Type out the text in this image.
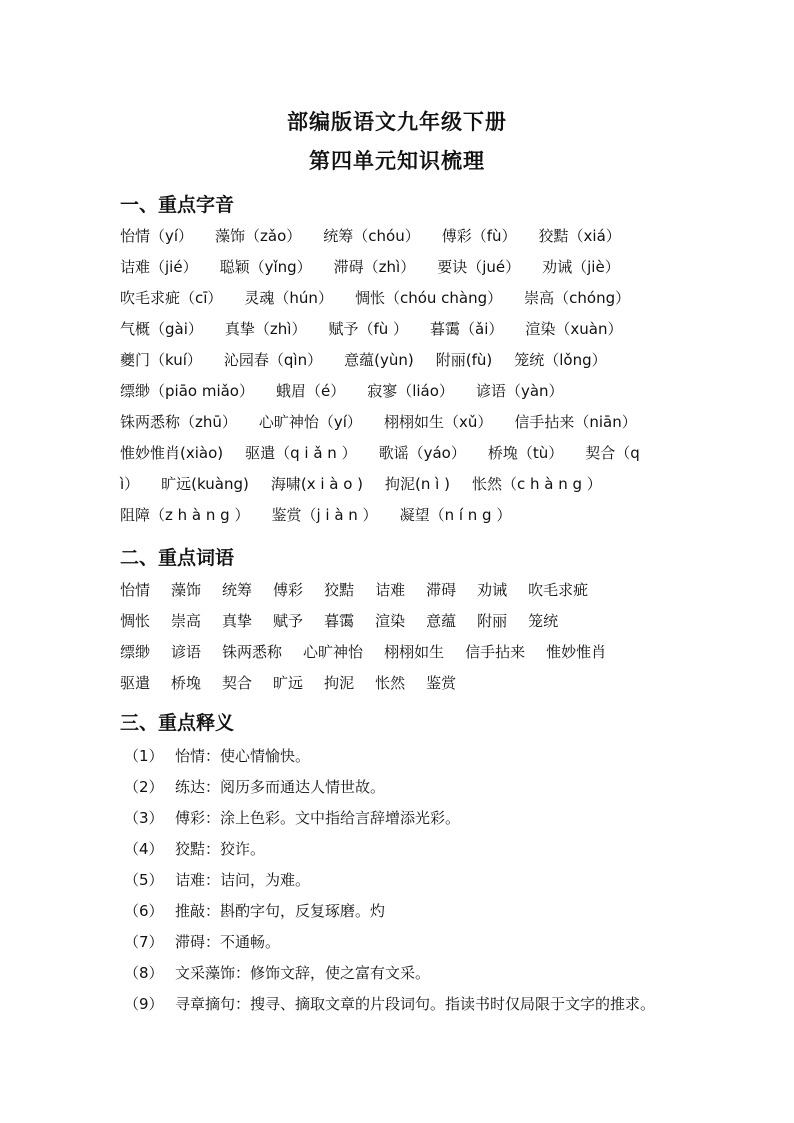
部编版语文九年级下册
第四单元知识梳理
一、重点字音
怡情（yí） 藻饰（zǎo） 统筹（chóu） 傅彩（fù） 狡黠（xiá）
诘难（jié） 聪颖（yǐng） 滞碍（zhì） 要诀（jué） 劝诫（jiè）
吹毛求疵（cī） 灵魂（hún） 惆怅（chóu chàng） 崇高（chóng）
气概（gài） 真挚（zhì） 赋予（fù ） 暮霭（ǎi） 渲染（xuàn）
夔门（kuí） 沁园春（qìn） 意蕴(yùn) 附丽(fù) 笼统（lǒng）
缥缈（piāo miǎo） 蛾眉（é） 寂寥（liáo） 谚语（yàn）
铢两悉称（zhū） 心旷神怡（yí） 栩栩如生（xǔ） 信手拈来（niān）
惟妙惟肖(xiào) 驱遣（q i ǎ n ） 歌谣（yáo） 桥堍（tù） 契合（q
ì） 旷远(kuàng) 海啸(x i à o ) 拘泥(n ì ) 怅然（c h à n g ）
阻障（z h à n g ） 鉴赏（j i à n ） 凝望（n í n g ）
二、重点词语
怡情 藻饰 统筹 傅彩 狡黠 诘难 滞碍 劝诫 吹毛求疵
惆怅 崇高 真挚 赋予 暮霭 渲染 意蕴 附丽 笼统
缥缈 谚语 铢两悉称 心旷神怡 栩栩如生 信手拈来 惟妙惟肖
驱遣 桥堍 契合 旷远 拘泥 怅然 鉴赏
三、重点释义
（1） 怡情：使心情愉快。
（2） 练达：阅历多而通达人情世故。
（3） 傅彩：涂上色彩。文中指给言辞增添光彩。
（4） 狡黠：狡诈。
（5） 诘难：诘问，为难。
（6） 推敲：斟酌字句，反复琢磨。灼
（7） 滞碍：不通畅。
（8） 文采藻饰：修饰文辞，使之富有文采。
（9） 寻章摘句：搜寻、摘取文章的片段词句。指读书时仅局限于文字的推求。
